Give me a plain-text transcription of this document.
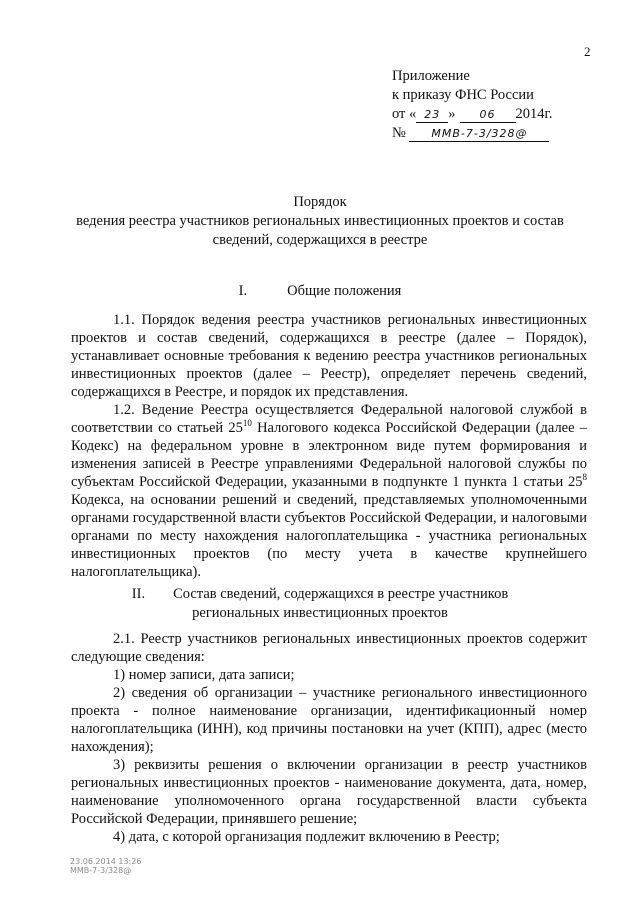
2
Приложение
к приказу ФНС России
от « 23 » 06 2014г.
№ ММВ-7-3/328@
Порядок
ведения реестра участников региональных инвестиционных проектов и состав сведений, содержащихся в реестре
I.	Общие положения

1.1. Порядок ведения реестра участников региональных инвестиционных проектов и состав сведений, содержащихся в реестре (далее – Порядок), устанавливает основные требования к ведению реестра участников региональных инвестиционных проектов (далее – Реестр), определяет перечень сведений, содержащихся в Реестре, и порядок их представления.

1.2. Ведение Реестра осуществляется Федеральной налоговой службой в соответствии со статьей $25^{10}$ Налогового кодекса Российской Федерации (далее – Кодекс) на федеральном уровне в электронном виде путем формирования и изменения записей в Реестре управлениями Федеральной налоговой службы по субъектам Российской Федерации, указанными в подпункте 1 пункта 1 статьи $25^8$ Кодекса, на основании решений и сведений, представляемых уполномоченными органами государственной власти субъектов Российской Федерации, и налоговыми органами по месту нахождения налогоплательщика - участника региональных инвестиционных проектов (по месту учета в качестве крупнейшего налогоплательщика).

II. Состав сведений, содержащихся в реестре участников
региональных инвестиционных проектов

2.1. Реестр участников региональных инвестиционных проектов содержит следующие сведения:

1) номер записи, дата записи;

2) сведения об организации – участнике регионального инвестиционного проекта - полное наименование организации, идентификационный номер налогоплательщика (ИНН), код причины постановки на учет (КПП), адрес (место нахождения);

3) реквизиты решения о включении организации в реестр участников региональных инвестиционных проектов - наименование документа, дата, номер, наименование уполномоченного органа государственной власти субъекта Российской Федерации, принявшего решение;

4) дата, с которой организация подлежит включению в Реестр;

23.06.2014 13:26
ММВ-7-3/328@
